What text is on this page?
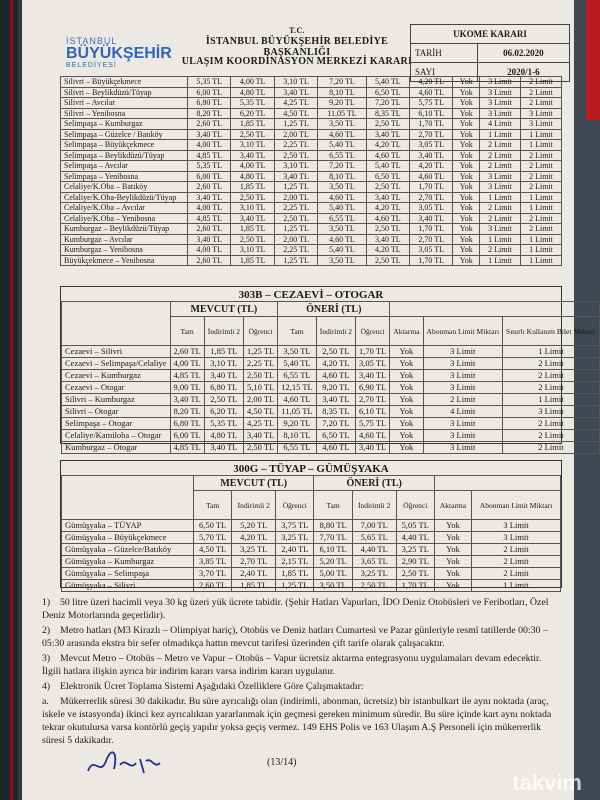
İSTANBUL
BÜYÜKŞEHİR
BELEDİYESİ
T.C.
İSTANBUL BÜYÜKŞEHİR BELEDİYE BAŞKANLIĞI
ULAŞIM KOORDİNASYON MERKEZİ KARARI
UKOME KARARI	
TARİH	06.02.2020
SAYI	2020/1-6
Silivri – Büyükçekmece	5,35 TL	4,00 TL	3,10 TL	7,20 TL	5,40 TL	4,20 TL	Yok	3 Limit	2 Limit
Silivri – Beylikdüzü/Tüyap	6,00 TL	4,80 TL	3,40 TL	8,10 TL	6,50 TL	4,60 TL	Yok	3 Limit	2 Limit
Silivri – Avcılar	6,80 TL	5,35 TL	4,25 TL	9,20 TL	7,20 TL	5,75 TL	Yok	3 Limit	2 Limit
Silivri – Yenibosna	8,20 TL	6,20 TL	4,50 TL	11,05 TL	8,35 TL	6,10 TL	Yok	3 Limit	3 Limit
Selimpaşa – Kumburgaz	2,60 TL	1,85 TL	1,25 TL	3,50 TL	2,50 TL	1,70 TL	Yok	4 Limit	3 Limit
Selimpaşa – Güzelce / Batıköy	3,40 TL	2,50 TL	2,00 TL	4,60 TL	3,40 TL	2,70 TL	Yok	1 Limit	1 Limit
Selimpaşa – Büyükçekmece	4,00 TL	3,10 TL	2,25 TL	5,40 TL	4,20 TL	3,05 TL	Yok	2 Limit	1 Limit
Selimpaşa – Beylikdüzü/Tüyap	4,85 TL	3,40 TL	2,50 TL	6,55 TL	4,60 TL	3,40 TL	Yok	2 Limit	2 Limit
Selimpaşa – Avcılar	5,35 TL	4,00 TL	3,10 TL	7,20 TL	5,40 TL	4,20 TL	Yok	2 Limit	2 Limit
Selimpaşa – Yenibosna	6,00 TL	4,80 TL	3,40 TL	8,10 TL	6,50 TL	4,60 TL	Yok	3 Limit	2 Limit
Celaliye/K.Oba – Batıköy	2,60 TL	1,85 TL	1,25 TL	3,50 TL	2,50 TL	1,70 TL	Yok	3 Limit	2 Limit
Celaliye/K.Oba-Beylikdüzü/Tüyap	3,40 TL	2,50 TL	2,00 TL	4,60 TL	3,40 TL	2,70 TL	Yok	1 Limit	1 Limit
Celaliye/K.Oba – Avcılar	4,00 TL	3,10 TL	2,25 TL	5,40 TL	4,20 TL	3,05 TL	Yok	2 Limit	1 Limit
Celaliye/K.Oba – Yenibosna	4,85 TL	3,40 TL	2,50 TL	6,55 TL	4,60 TL	3,40 TL	Yok	2 Limit	2 Limit
Kumburgaz – Beylikdüzü/Tüyap	2,60 TL	1,85 TL	1,25 TL	3,50 TL	2,50 TL	1,70 TL	Yok	3 Limit	2 Limit
Kumburgaz – Avcılar	3,40 TL	2,50 TL	2,00 TL	4,60 TL	3,40 TL	2,70 TL	Yok	1 Limit	1 Limit
Kumburgaz – Yenibosna	4,00 TL	3,10 TL	2,25 TL	5,40 TL	4,20 TL	3,05 TL	Yok	2 Limit	1 Limit
Büyükçekmece – Yenibosna	2,60 TL	1,85 TL	1,25 TL	3,50 TL	2,50 TL	1,70 TL	Yok	1 Limit	1 Limit
303B – CEZAEVİ – OTOGAR
	MEVCUT (TL)			ÖNERİ (TL)					
	Tam	İndirimli 2	Öğrenci	Tam	İndirimli 2	Öğrenci	Aktarma	Abonman Limit Miktarı	Sınırlı Kullanım Bilet Miktarı
Cezaevi – Silivri	2,60 TL	1,85 TL	1,25 TL	3,50 TL	2,50 TL	1,70 TL	Yok	3 Limit	1 Limit
Cezaevi – Selimpaşa/Celaliye	4,00 TL	3,10 TL	2,25 TL	5,40 TL	4,20 TL	3,05 TL	Yok	3 Limit	2 Limit
Cezaevi – Kumburgaz	4,85 TL	3,40 TL	2,50 TL	6,55 TL	4,60 TL	3,40 TL	Yok	3 Limit	2 Limit
Cezaevi – Otogar	9,00 TL	6,80 TL	5,10 TL	12,15 TL	9,20 TL	6,90 TL	Yok	3 Limit	2 Limit
Silivri – Kumburgaz	3,40 TL	2,50 TL	2,00 TL	4,60 TL	3,40 TL	2,70 TL	Yok	2 Limit	1 Limit
Silivri – Otogar	8,20 TL	6,20 TL	4,50 TL	11,05 TL	8,35 TL	6,10 TL	Yok	4 Limit	3 Limit
Selimpaşa – Otogar	6,80 TL	5,35 TL	4,25 TL	9,20 TL	7,20 TL	5,75 TL	Yok	3 Limit	2 Limit
Celaliye/Kamiloba – Otogar	6,00 TL	4,80 TL	3,40 TL	8,10 TL	6,50 TL	4,60 TL	Yok	3 Limit	2 Limit
Kumburgaz – Otogar	4,85 TL	3,40 TL	2,50 TL	6,55 TL	4,60 TL	3,40 TL	Yok	3 Limit	2 Limit
300G – TÜYAP – GÜMÜŞYAKA
	MEVCUT (TL)			ÖNERİ (TL)				
	Tam	İndirimli 2	Öğrenci	Tam	İndirimli 2	Öğrenci	Aktarma	Abonman Limit Miktarı
Gümüşyaka – TÜYAP	6,50 TL	5,20 TL	3,75 TL	8,80 TL	7,00 TL	5,05 TL	Yok	3 Limit
Gümüşyaka – Büyükçekmece	5,70 TL	4,20 TL	3,25 TL	7,70 TL	5,65 TL	4,40 TL	Yok	3 Limit
Gümüşyaka – Güzelce/Batıköy	4,50 TL	3,25 TL	2,40 TL	6,10 TL	4,40 TL	3,25 TL	Yok	2 Limit
Gümüşyaka – Kumburgaz	3,85 TL	2,70 TL	2,15 TL	5,20 TL	3,65 TL	2,90 TL	Yok	2 Limit
Gümüşyaka – Selimpaşa	3,70 TL	2,40 TL	1,85 TL	5,00 TL	3,25 TL	2,50 TL	Yok	2 Limit
Gümüşyaka – Silivri	2,60 TL	1,85 TL	1,25 TL	3,50 TL	2,50 TL	1,70 TL	Yok	1 Limit

1) 50 litre üzeri hacimli veya 30 kg üzeri yük ücrete tabidir. (Şehir Hatları Vapurları, İDO Deniz Otobüsleri ve Feribotları, Özel Deniz Motorlarında geçerlidir).

2) Metro hatları (M3 Kirazlı – Olimpiyat hariç), Otobüs ve Deniz hatları Cumartesi ve Pazar günleriyle resmî tatillerde 00:30 – 05:30 arasında ekstra bir sefer olmadıkça hattın mevcut tarifesi üzerinden çift tarife olarak çalışacaktır.

3) Mevcut Metro – Otobüs – Metro ve Vapur – Otobüs – Vapur ücretsiz aktarma entegrasyonu uygulamaları devam edecektir. İlgili hatlara ilişkin ayrıca bir indirim kararı varsa indirim kararı uygulanır.

4) Elektronik Ücret Toplama Sistemi Aşağıdaki Özelliklere Göre Çalışmaktadır:

a. Mükerrerlik süresi 30 dakikadır. Bu süre ayrıcalığı olan (indirimli, abonman, ücretsiz) bir istanbulkart ile aynı noktada (araç, iskele ve istasyonda) ikinci kez ayrıcalıktan yararlanmak için geçmesi gereken minimum süredir. Bu süre içinde kart aynı noktada tekrar okutulursa varsa kontörlü geçiş yapılır yoksa geçiş vermez. 149 EHS Polis ve 163 Ulaşım A.Ş Personeli için mükerrerlik süresi 5 dakikadır.

(13/14)
takvim
